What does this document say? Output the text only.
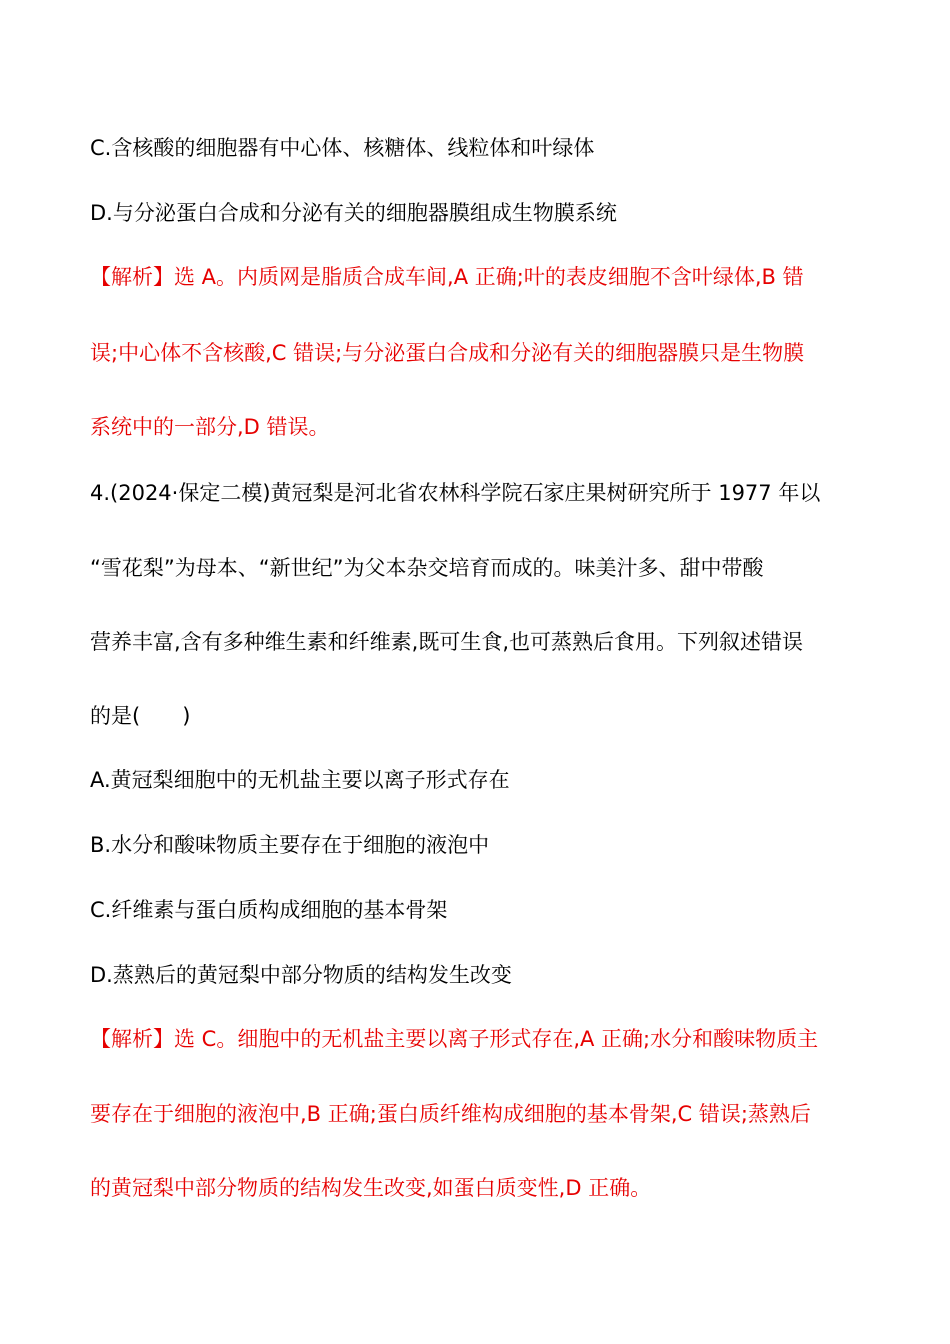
C.含核酸的细胞器有中心体、核糖体、线粒体和叶绿体
D.与分泌蛋白合成和分泌有关的细胞器膜组成生物膜系统
【解析】选 A。内质网是脂质合成车间,A 正确;叶的表皮细胞不含叶绿体,B 错
误;中心体不含核酸,C 错误;与分泌蛋白合成和分泌有关的细胞器膜只是生物膜
系统中的一部分,D 错误。
4.(2024·保定二模)黄冠梨是河北省农林科学院石家庄果树研究所于 1977 年以
“雪花梨”为母本、“新世纪”为父本杂交培育而成的。味美汁多、甜中带酸
营养丰富,含有多种维生素和纤维素,既可生食,也可蒸熟后食用。下列叙述错误
的是(　　)
A.黄冠梨细胞中的无机盐主要以离子形式存在
B.水分和酸味物质主要存在于细胞的液泡中
C.纤维素与蛋白质构成细胞的基本骨架
D.蒸熟后的黄冠梨中部分物质的结构发生改变
【解析】选 C。细胞中的无机盐主要以离子形式存在,A 正确;水分和酸味物质主
要存在于细胞的液泡中,B 正确;蛋白质纤维构成细胞的基本骨架,C 错误;蒸熟后
的黄冠梨中部分物质的结构发生改变,如蛋白质变性,D 正确。
